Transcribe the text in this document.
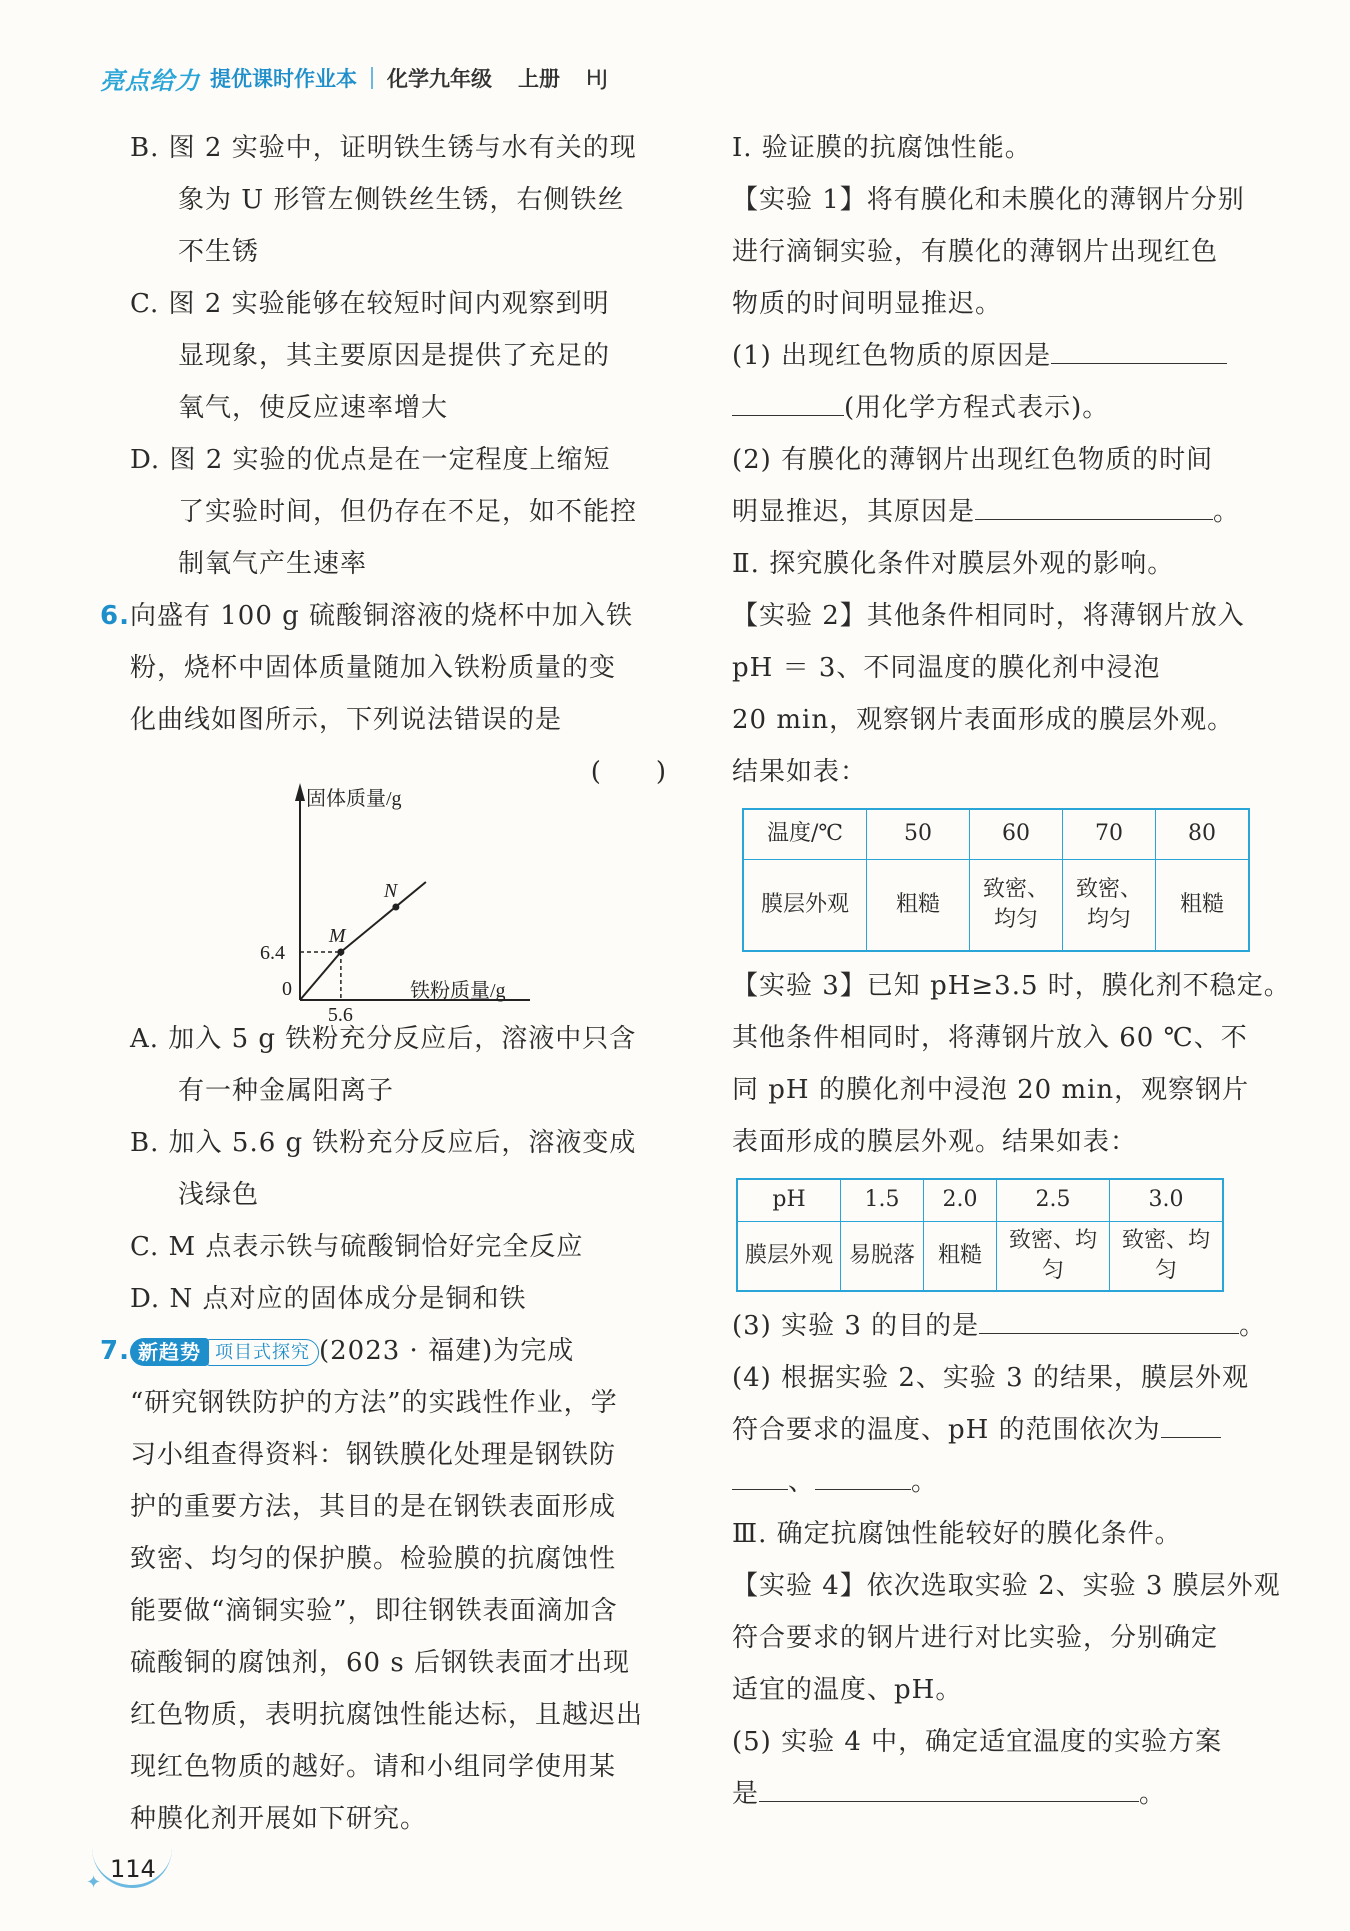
亮点给力 提优课时作业本 化学九年级 上册 HJ
B. 图 2 实验中，证明铁生锈与水有关的现
象为 U 形管左侧铁丝生锈，右侧铁丝
不生锈
C. 图 2 实验能够在较短时间内观察到明
显现象，其主要原因是提供了充足的
氧气，使反应速率增大
D. 图 2 实验的优点是在一定程度上缩短
了实验时间，但仍存在不足，如不能控
制氧气产生速率
6.向盛有 100 g 硫酸铜溶液的烧杯中加入铁
粉，烧杯中固体质量随加入铁粉质量的变
化曲线如图所示，下列说法错误的是
(　　)
A. 加入 5 g 铁粉充分反应后，溶液中只含
有一种金属阳离子
B. 加入 5.6 g 铁粉充分反应后，溶液变成
浅绿色
C. M 点表示铁与硫酸铜恰好完全反应
D. N 点对应的固体成分是铜和铁
7. 新趋势 项目式探究 (2023 · 福建)为完成
“研究钢铁防护的方法”的实践性作业，学
习小组查得资料：钢铁膜化处理是钢铁防
护的重要方法，其目的是在钢铁表面形成
致密、均匀的保护膜。检验膜的抗腐蚀性
能要做“滴铜实验”，即往钢铁表面滴加含
硫酸铜的腐蚀剂，60 s 后钢铁表面才出现
红色物质，表明抗腐蚀性能达标，且越迟出
现红色物质的越好。请和小组同学使用某
种膜化剂开展如下研究。
固体质量/g
铁粉质量/g
0
M
N
6.4
5.6
Ⅰ. 验证膜的抗腐蚀性能。
【实验 1】将有膜化和未膜化的薄钢片分别
进行滴铜实验，有膜化的薄钢片出现红色
物质的时间明显推迟。
(1) 出现红色物质的原因是
(用化学方程式表示)。
(2) 有膜化的薄钢片出现红色物质的时间
明显推迟，其原因是	。
Ⅱ. 探究膜化条件对膜层外观的影响。
【实验 2】其他条件相同时，将薄钢片放入
pH ＝ 3、不同温度的膜化剂中浸泡
20 min，观察钢片表面形成的膜层外观。
结果如表：
温度/℃	50	60	70	80
膜层外观	粗糙	致密、均匀	致密、均匀	粗糙
【实验 3】已知 pH≥3.5 时，膜化剂不稳定。
其他条件相同时，将薄钢片放入 60 ℃、不
同 pH 的膜化剂中浸泡 20 min，观察钢片
表面形成的膜层外观。结果如表：
pH	1.5	2.0	2.5	3.0
膜层外观	易脱落	粗糙	致密、均匀	致密、均匀
(3) 实验 3 的目的是	。
(4) 根据实验 2、实验 3 的结果，膜层外观
符合要求的温度、pH 的范围依次为
、	。
Ⅲ. 确定抗腐蚀性能较好的膜化条件。
【实验 4】依次选取实验 2、实验 3 膜层外观
符合要求的钢片进行对比实验，分别确定
适宜的温度、pH。
(5) 实验 4 中，确定适宜温度的实验方案
是	。
✦ 114
